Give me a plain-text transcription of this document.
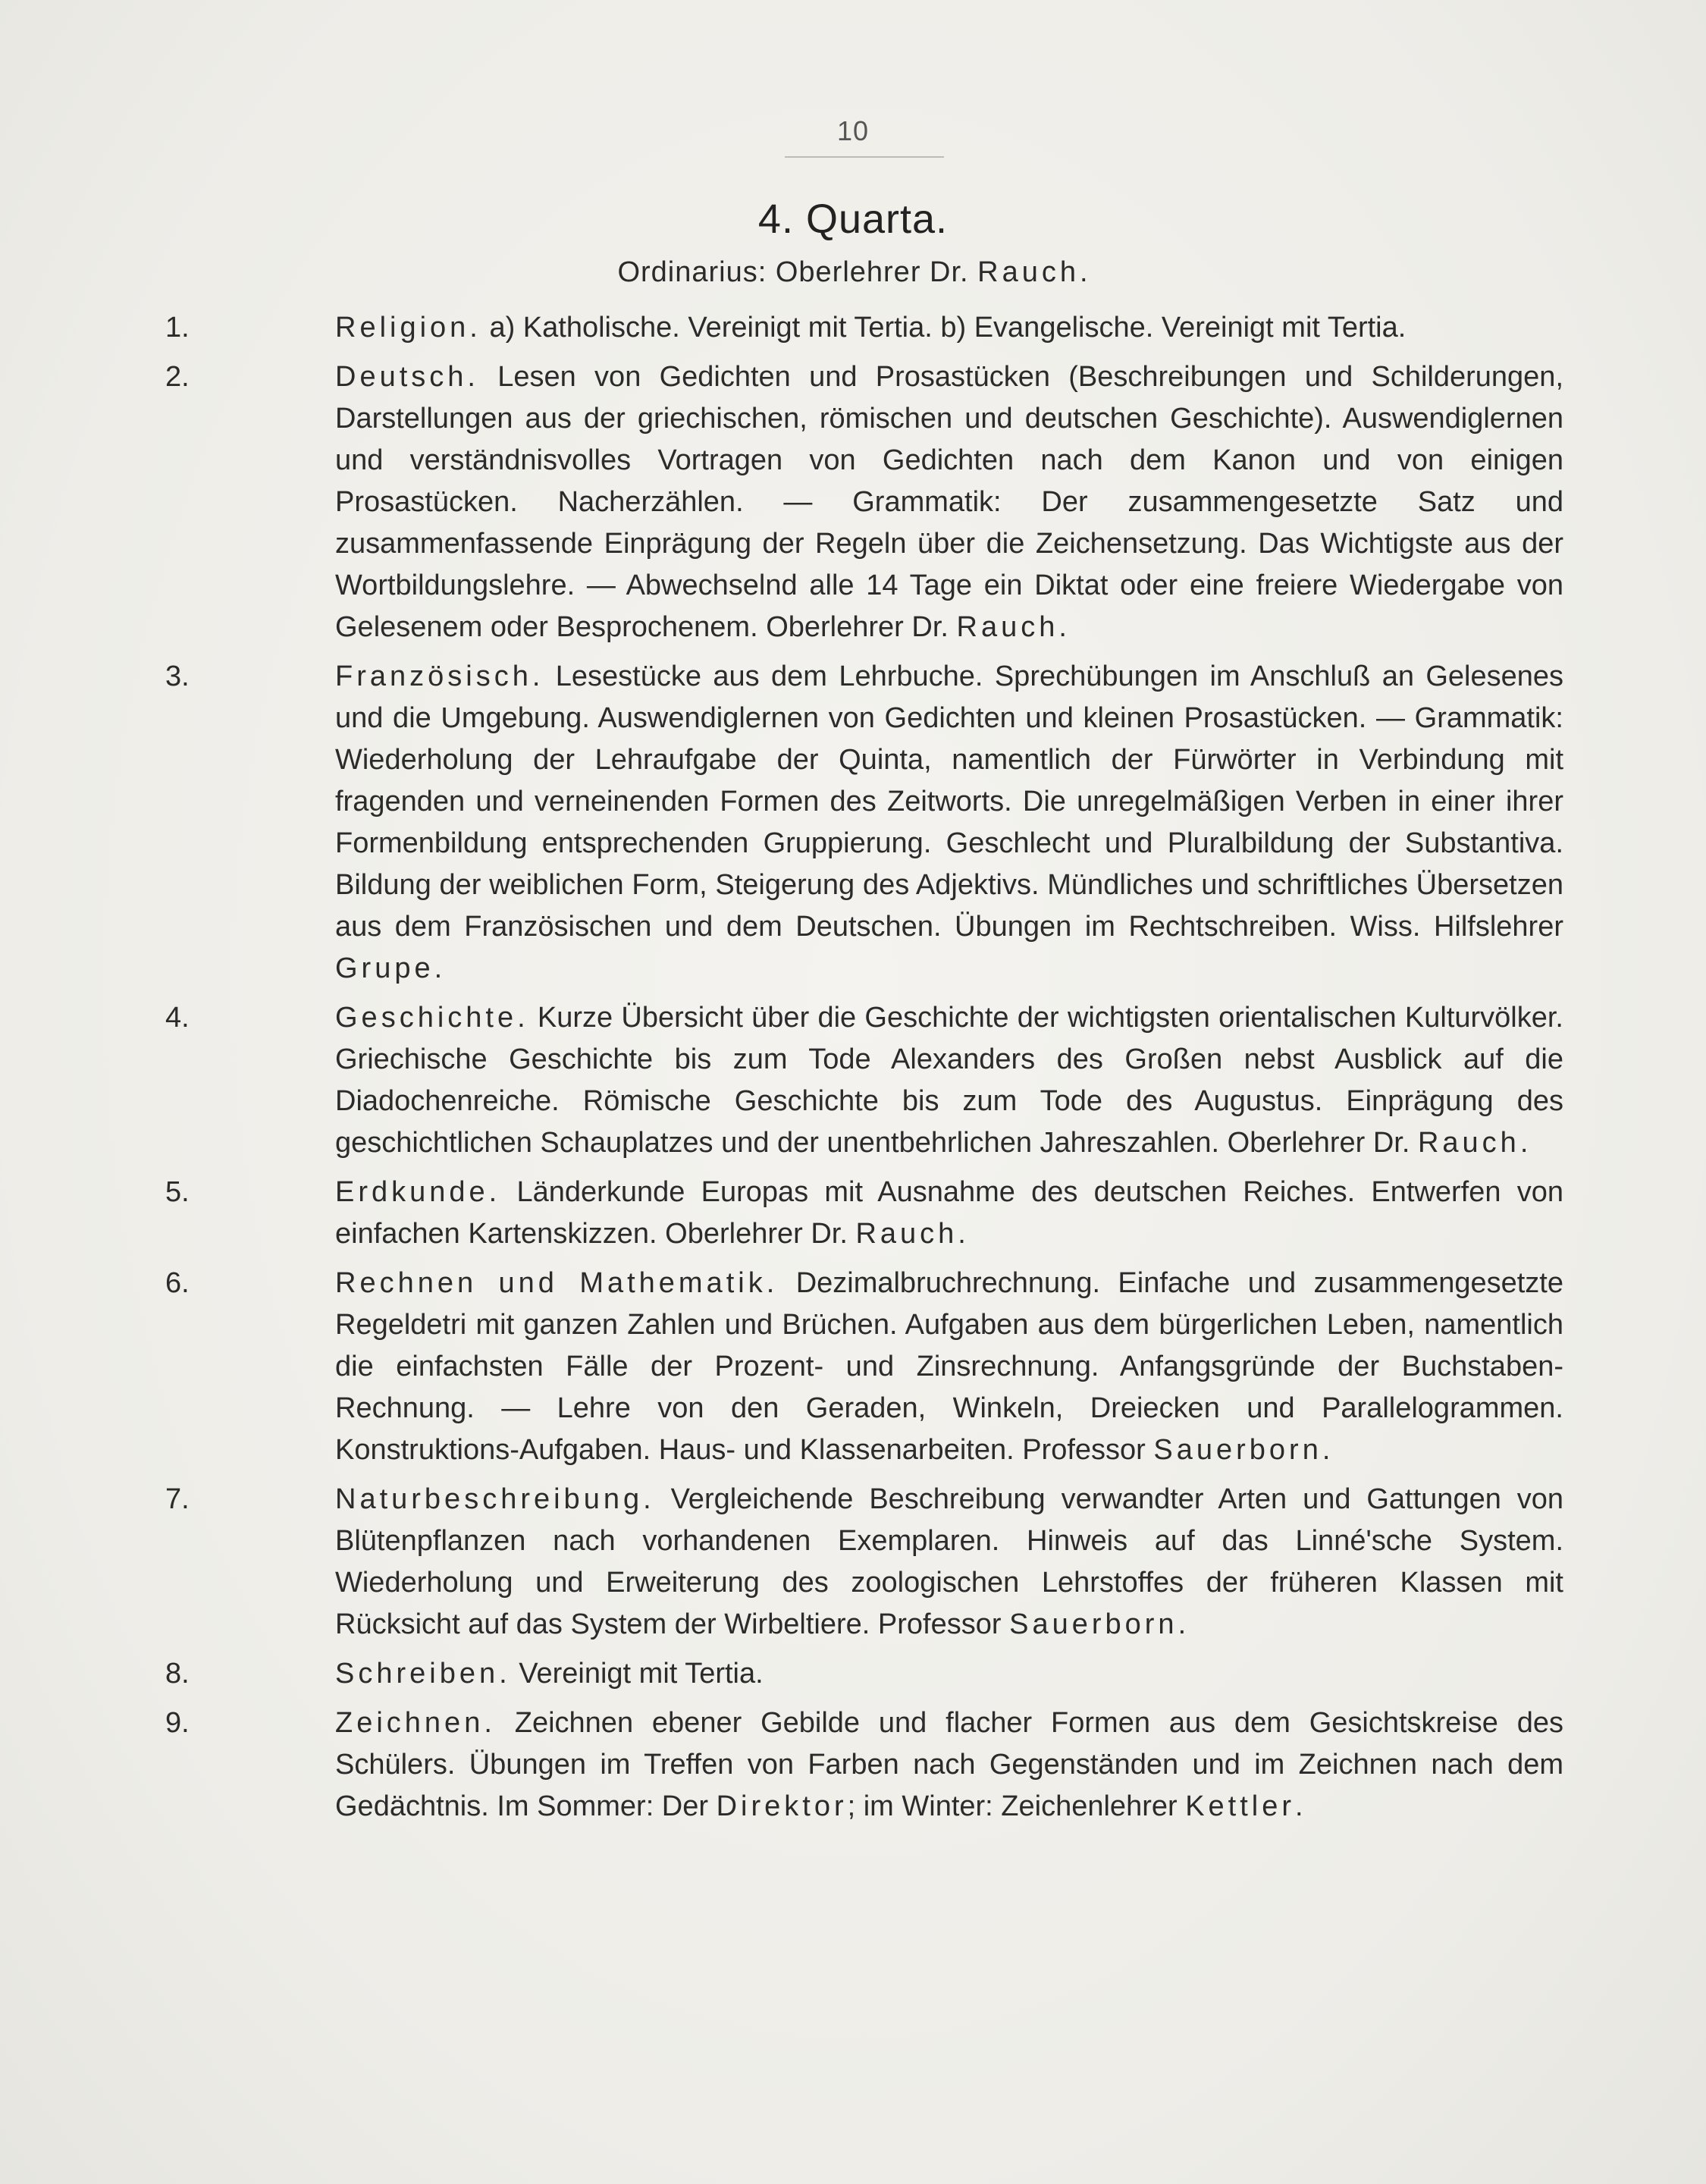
10
4. Quarta.
Ordinarius: Oberlehrer Dr. Rauch.
1.	Religion. a) Katholische. Vereinigt mit Tertia. b) Evangelische. Vereinigt mit Tertia.
2.	Deutsch. Lesen von Gedichten und Prosastücken (Beschreibungen und Schilderungen, Darstellungen aus der griechischen, römischen und deutschen Geschichte). Auswendiglernen und verständnisvolles Vortragen von Gedichten nach dem Kanon und von einigen Prosastücken. Nacherzählen. — Grammatik: Der zusammengesetzte Satz und zusammenfassende Einprägung der Regeln über die Zeichensetzung. Das Wichtigste aus der Wortbildungslehre. — Abwechselnd alle 14 Tage ein Diktat oder eine freiere Wiedergabe von Gelesenem oder Besprochenem. Oberlehrer Dr. Rauch.
3.	Französisch. Lesestücke aus dem Lehrbuche. Sprechübungen im Anschluß an Gelesenes und die Umgebung. Auswendiglernen von Gedichten und kleinen Prosastücken. — Grammatik: Wiederholung der Lehraufgabe der Quinta, namentlich der Fürwörter in Verbindung mit fragenden und verneinenden Formen des Zeitworts. Die unregelmäßigen Verben in einer ihrer Formenbildung entsprechenden Gruppierung. Geschlecht und Pluralbildung der Substantiva. Bildung der weiblichen Form, Steigerung des Adjektivs. Mündliches und schriftliches Übersetzen aus dem Französischen und dem Deutschen. Übungen im Rechtschreiben. Wiss. Hilfslehrer Grupe.
4.	Geschichte. Kurze Übersicht über die Geschichte der wichtigsten orientalischen Kulturvölker. Griechische Geschichte bis zum Tode Alexanders des Großen nebst Ausblick auf die Diadochenreiche. Römische Geschichte bis zum Tode des Augustus. Einprägung des geschichtlichen Schauplatzes und der unentbehrlichen Jahreszahlen. Oberlehrer Dr. Rauch.
5.	Erdkunde. Länderkunde Europas mit Ausnahme des deutschen Reiches. Entwerfen von einfachen Kartenskizzen. Oberlehrer Dr. Rauch.
6.	Rechnen und Mathematik. Dezimalbruchrechnung. Einfache und zusammengesetzte Regeldetri mit ganzen Zahlen und Brüchen. Aufgaben aus dem bürgerlichen Leben, namentlich die einfachsten Fälle der Prozent- und Zinsrechnung. Anfangsgründe der Buchstaben-Rechnung. — Lehre von den Geraden, Winkeln, Dreiecken und Parallelogrammen. Konstruktions-Aufgaben. Haus- und Klassenarbeiten. Professor Sauerborn.
7.	Naturbeschreibung. Vergleichende Beschreibung verwandter Arten und Gattungen von Blütenpflanzen nach vorhandenen Exemplaren. Hinweis auf das Linné'sche System. Wiederholung und Erweiterung des zoologischen Lehrstoffes der früheren Klassen mit Rücksicht auf das System der Wirbeltiere. Professor Sauerborn.
8.	Schreiben. Vereinigt mit Tertia.
9.	Zeichnen. Zeichnen ebener Gebilde und flacher Formen aus dem Gesichtskreise des Schülers. Übungen im Treffen von Farben nach Gegenständen und im Zeichnen nach dem Gedächtnis. Im Sommer: Der Direktor; im Winter: Zeichenlehrer Kettler.
